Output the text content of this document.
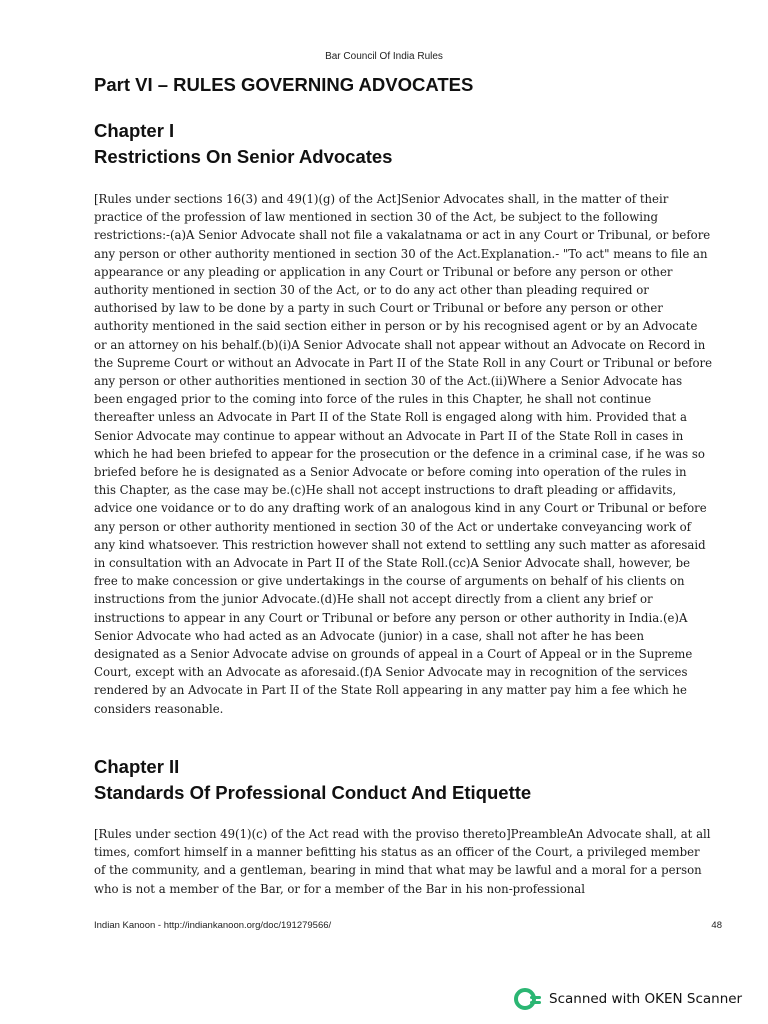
Bar Council Of India Rules
Part VI – RULES GOVERNING ADVOCATES
Chapter I
Restrictions On Senior Advocates

[Rules under sections 16(3) and 49(1)(g) of the Act]Senior Advocates shall, in the matter of their practice of the profession of law mentioned in section 30 of the Act, be subject to the following restrictions:-(a)A Senior Advocate shall not file a vakalatnama or act in any Court or Tribunal, or before any person or other authority mentioned in section 30 of the Act.Explanation.- "To act" means to file an appearance or any pleading or application in any Court or Tribunal or before any person or other authority mentioned in section 30 of the Act, or to do any act other than pleading required or authorised by law to be done by a party in such Court or Tribunal or before any person or other authority mentioned in the said section either in person or by his recognised agent or by an Advocate or an attorney on his behalf.(b)(i)A Senior Advocate shall not appear without an Advocate on Record in the Supreme Court or without an Advocate in Part II of the State Roll in any Court or Tribunal or before any person or other authorities mentioned in section 30 of the Act.(ii)Where a Senior Advocate has been engaged prior to the coming into force of the rules in this Chapter, he shall not continue thereafter unless an Advocate in Part II of the State Roll is engaged along with him. Provided that a Senior Advocate may continue to appear without an Advocate in Part II of the State Roll in cases in which he had been briefed to appear for the prosecution or the defence in a criminal case, if he was so briefed before he is designated as a Senior Advocate or before coming into operation of the rules in this Chapter, as the case may be.(c)He shall not accept instructions to draft pleading or affidavits, advice one voidance or to do any drafting work of an analogous kind in any Court or Tribunal or before any person or other authority mentioned in section 30 of the Act or undertake conveyancing work of any kind whatsoever. This restriction however shall not extend to settling any such matter as aforesaid in consultation with an Advocate in Part II of the State Roll.(cc)A Senior Advocate shall, however, be free to make concession or give undertakings in the course of arguments on behalf of his clients on instructions from the junior Advocate.(d)He shall not accept directly from a client any brief or instructions to appear in any Court or Tribunal or before any person or other authority in India.(e)A Senior Advocate who had acted as an Advocate (junior) in a case, shall not after he has been designated as a Senior Advocate advise on grounds of appeal in a Court of Appeal or in the Supreme Court, except with an Advocate as aforesaid.(f)A Senior Advocate may in recognition of the services rendered by an Advocate in Part II of the State Roll appearing in any matter pay him a fee which he considers reasonable.

Chapter II
Standards Of Professional Conduct And Etiquette

[Rules under section 49(1)(c) of the Act read with the proviso thereto]PreambleAn Advocate shall, at all times, comfort himself in a manner befitting his status as an officer of the Court, a privileged member of the community, and a gentleman, bearing in mind that what may be lawful and a moral for a person who is not a member of the Bar, or for a member of the Bar in his non-professional

Indian Kanoon - http://indiankanoon.org/doc/191279566/	48
Scanned with OKEN Scanner
